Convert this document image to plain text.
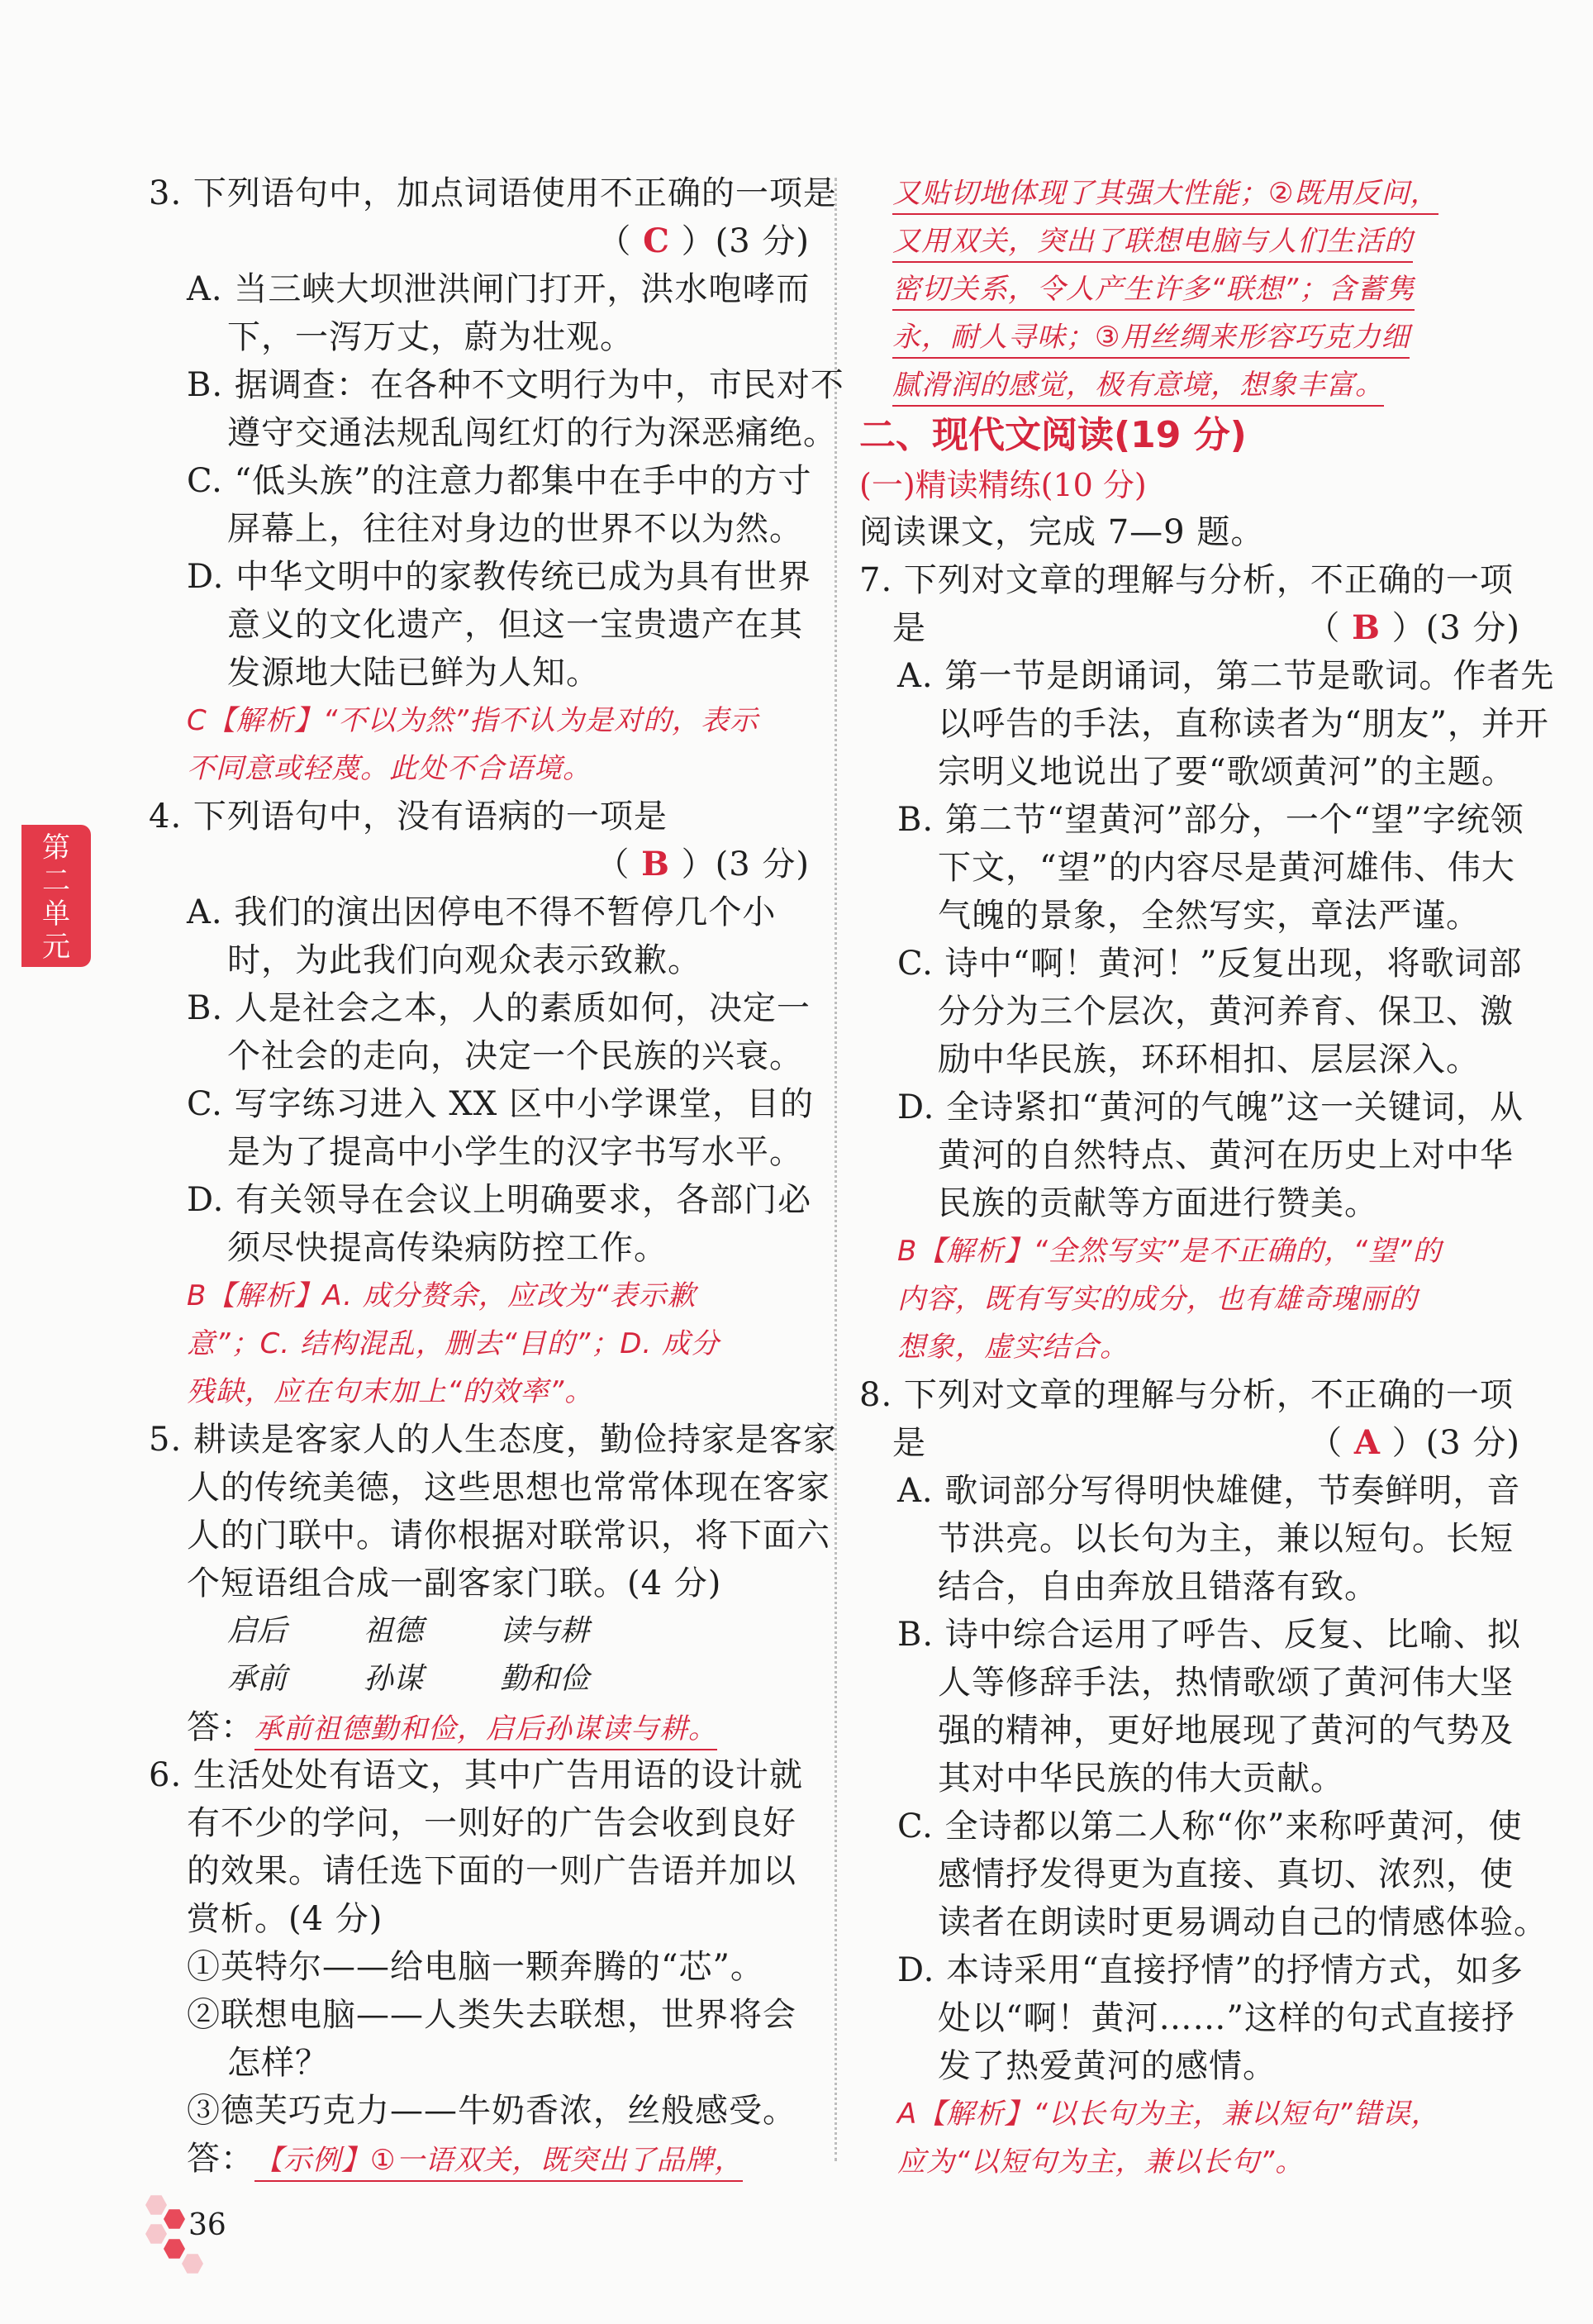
第二单元
3. 下列语句中，加点词语使用不正确的一项是
（ C ）(3 分)
A. 当三峡大坝泄洪闸门打开，洪水咆哮而
下，一泻万丈，蔚为壮观。
B. 据调查：在各种不文明行为中，市民对不
遵守交通法规乱闯红灯的行为深恶痛绝。
C. “低头族”的注意力都集中在手中的方寸
屏幕上，往往对身边的世界不以为然。
D. 中华文明中的家教传统已成为具有世界
意义的文化遗产，但这一宝贵遗产在其
发源地大陆已鲜为人知。
C【解析】“不以为然”指不认为是对的，表示
不同意或轻蔑。此处不合语境。
4. 下列语句中，没有语病的一项是
（ B ）(3 分)
A. 我们的演出因停电不得不暂停几个小
时，为此我们向观众表示致歉。
B. 人是社会之本，人的素质如何，决定一
个社会的走向，决定一个民族的兴衰。
C. 写字练习进入 XX 区中小学课堂，目的
是为了提高中小学生的汉字书写水平。
D. 有关领导在会议上明确要求，各部门必
须尽快提高传染病防控工作。
B【解析】A. 成分赘余，应改为“表示歉
意”；C. 结构混乱，删去“目的”；D. 成分
残缺，应在句末加上“的效率”。
5. 耕读是客家人的人生态度，勤俭持家是客家
人的传统美德，这些思想也常常体现在客家
人的门联中。请你根据对联常识，将下面六
个短语组合成一副客家门联。(4 分)
启后	祖德	读与耕
承前	孙谋	勤和俭
答：承前祖德勤和俭，启后孙谋读与耕。
6. 生活处处有语文，其中广告用语的设计就
有不少的学问，一则好的广告会收到良好
的效果。请任选下面的一则广告语并加以
赏析。(4 分)
①英特尔——给电脑一颗奔腾的“芯”。
②联想电脑——人类失去联想，世界将会
怎样？
③德芙巧克力——牛奶香浓，丝般感受。
答：【示例】①一语双关，既突出了品牌，
又贴切地体现了其强大性能；②既用反问，
又用双关，突出了联想电脑与人们生活的
密切关系，令人产生许多“联想”；含蓄隽
永，耐人寻味；③用丝绸来形容巧克力细
腻滑润的感觉，极有意境，想象丰富。
二、现代文阅读(19 分)
(一)精读精练(10 分)
阅读课文，完成 7—9 题。
7. 下列对文章的理解与分析，不正确的一项
是	（ B ）(3 分)
A. 第一节是朗诵词，第二节是歌词。作者先
以呼告的手法，直称读者为“朋友”，并开
宗明义地说出了要“歌颂黄河”的主题。
B. 第二节“望黄河”部分，一个“望”字统领
下文，“望”的内容尽是黄河雄伟、伟大
气魄的景象，全然写实，章法严谨。
C. 诗中“啊！黄河！”反复出现，将歌词部
分分为三个层次，黄河养育、保卫、激
励中华民族，环环相扣、层层深入。
D. 全诗紧扣“黄河的气魄”这一关键词，从
黄河的自然特点、黄河在历史上对中华
民族的贡献等方面进行赞美。
B【解析】“全然写实”是不正确的，“望”的
内容，既有写实的成分，也有雄奇瑰丽的
想象，虚实结合。
8. 下列对文章的理解与分析，不正确的一项
是	（ A ）(3 分)
A. 歌词部分写得明快雄健，节奏鲜明，音
节洪亮。以长句为主，兼以短句。长短
结合，自由奔放且错落有致。
B. 诗中综合运用了呼告、反复、比喻、拟
人等修辞手法，热情歌颂了黄河伟大坚
强的精神，更好地展现了黄河的气势及
其对中华民族的伟大贡献。
C. 全诗都以第二人称“你”来称呼黄河，使
感情抒发得更为直接、真切、浓烈，使
读者在朗读时更易调动自己的情感体验。
D. 本诗采用“直接抒情”的抒情方式，如多
处以“啊！黄河……”这样的句式直接抒
发了热爱黄河的感情。
A【解析】“以长句为主，兼以短句”错误，
应为“以短句为主，兼以长句”。
36
